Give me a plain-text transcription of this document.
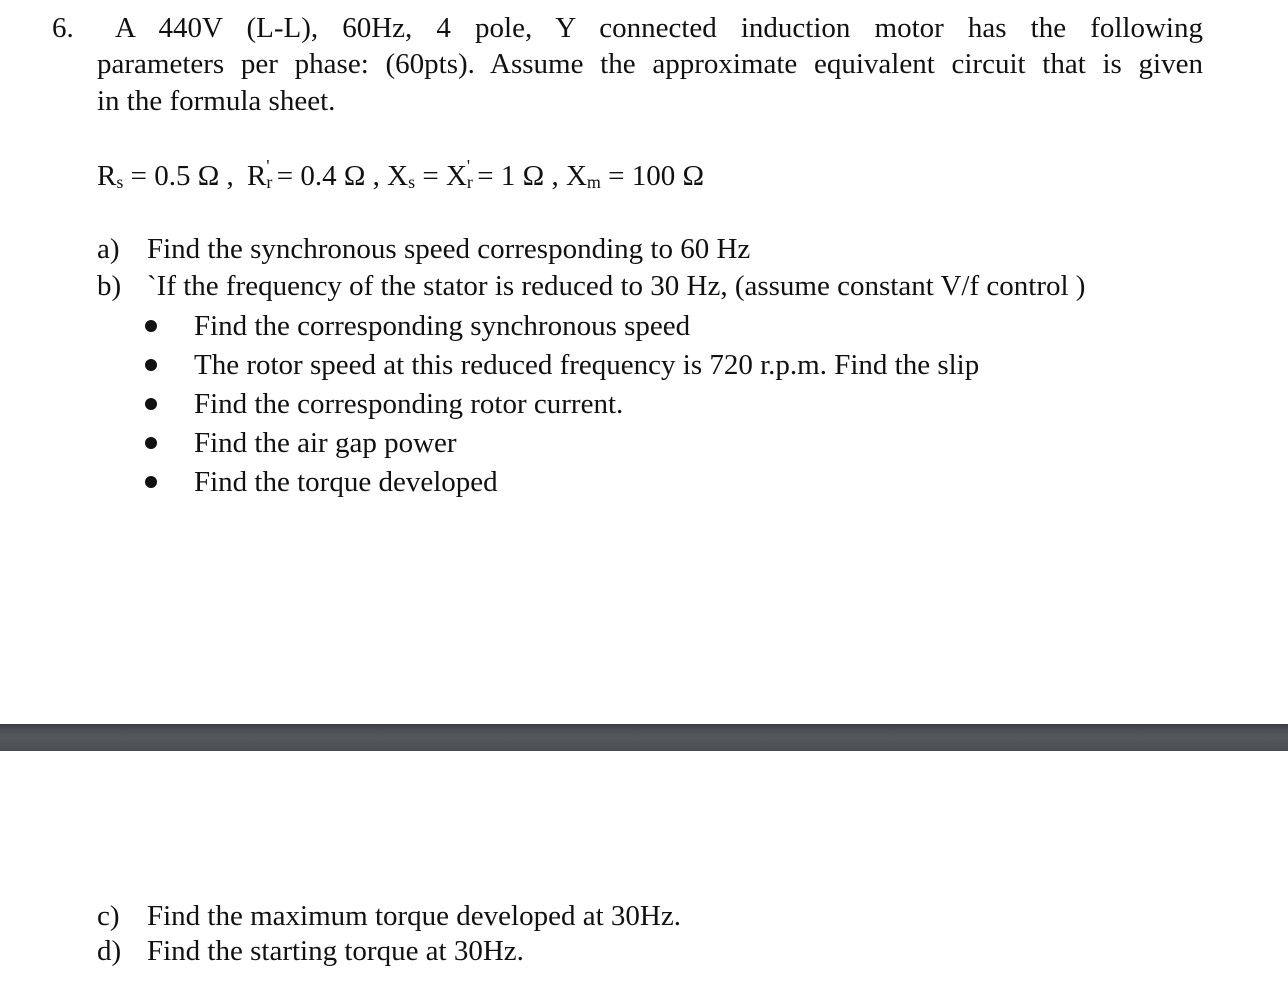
6. A 440V (L-L), 60Hz, 4 pole, Y connected induction motor has the following
parameters per phase: (60pts). Assume the approximate equivalent circuit that is given
in the formula sheet.
$R_s = 0.5$ Ω , $R_r' = 0.4$ Ω , $X_s = X_r' = 1$ Ω , $X_m = 100$ Ω
a) Find the synchronous speed corresponding to 60 Hz
b) `If the frequency of the stator is reduced to 30 Hz, (assume constant V/f control )
Find the corresponding synchronous speed
The rotor speed at this reduced frequency is 720 r.p.m. Find the slip
Find the corresponding rotor current.
Find the air gap power
Find the torque developed
c) Find the maximum torque developed at 30Hz.
d) Find the starting torque at 30Hz.
